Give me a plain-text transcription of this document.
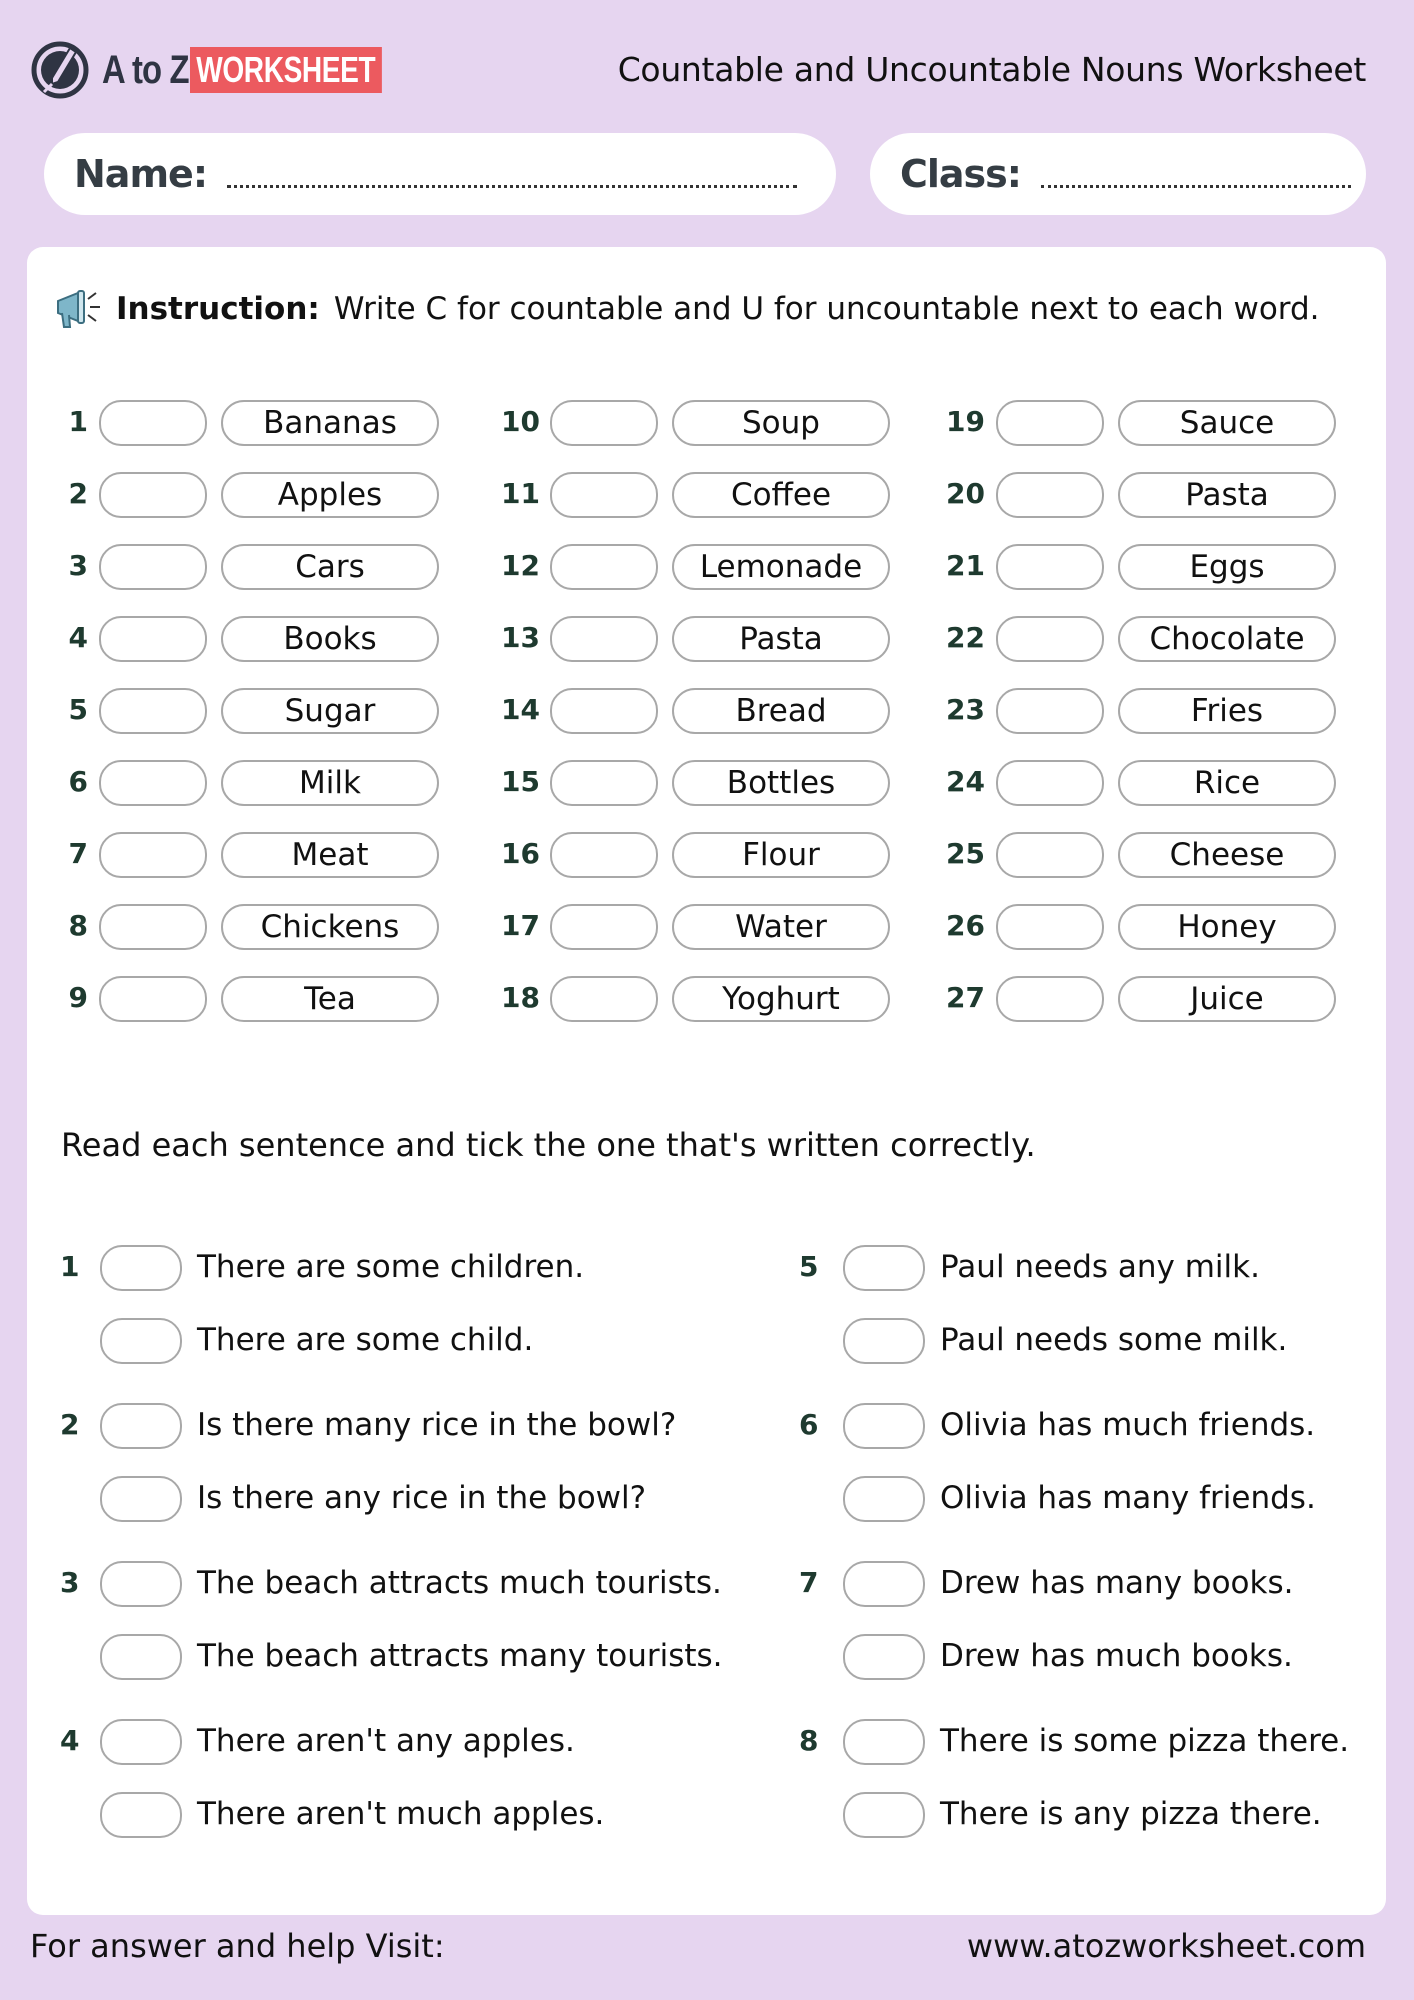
A to Z WORKSHEET	Countable and Uncountable Nouns Worksheet
Name:	Class:
Instruction: Write C for countable and U for uncountable next to each word.
1	Bananas
2	Apples
3	Cars
4	Books
5	Sugar
6	Milk
7	Meat
8	Chickens
9	Tea
10	Soup
11	Coffee
12	Lemonade
13	Pasta
14	Bread
15	Bottles
16	Flour
17	Water
18	Yoghurt
19	Sauce
20	Pasta
21	Eggs
22	Chocolate
23	Fries
24	Rice
25	Cheese
26	Honey
27	Juice
Read each sentence and tick the one that's written correctly.
1	There are some children.
There are some child.
2	Is there many rice in the bowl?
Is there any rice in the bowl?
3	The beach attracts much tourists.
The beach attracts many tourists.
4	There aren't any apples.
There aren't much apples.
5	Paul needs any milk.
Paul needs some milk.
6	Olivia has much friends.
Olivia has many friends.
7	Drew has many books.
Drew has much books.
8	There is some pizza there.
There is any pizza there.
For answer and help Visit:	www.atozworksheet.com
